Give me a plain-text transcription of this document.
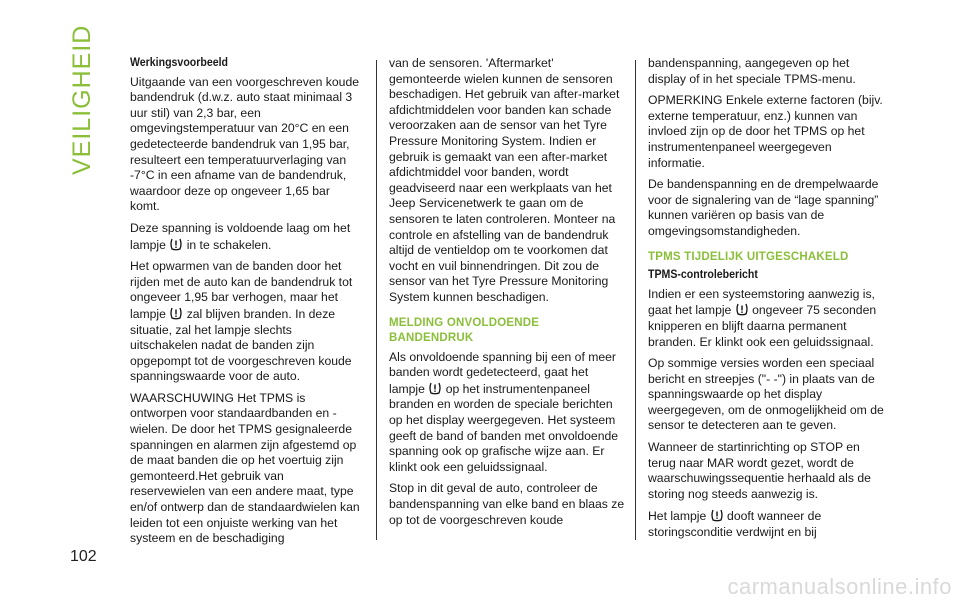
VEILIGHEID
102
Werkingsvoorbeeld

Uitgaande van een voorgeschreven koude bandendruk (d.w.z. auto staat minimaal 3 uur stil) van 2,3 bar, een omgevingstemperatuur van 20°C en een gedetecteerde bandendruk van 1,95 bar, resulteert een temperatuurverlaging van -7°C in een afname van de bandendruk, waardoor deze op ongeveer 1,65 bar komt.

Deze spanning is voldoende laag om het lampje in te schakelen.

Het opwarmen van de banden door het rijden met de auto kan de bandendruk tot ongeveer 1,95 bar verhogen, maar het lampje zal blijven branden. In deze situatie, zal het lampje slechts uitschakelen nadat de banden zijn opgepompt tot de voorgeschreven koude spanningswaarde voor de auto.

WAARSCHUWING Het TPMS is ontworpen voor standaardbanden en -wielen. De door het TPMS gesignaleerde spanningen en alarmen zijn afgestemd op de maat banden die op het voertuig zijn gemonteerd.Het gebruik van reservewielen van een andere maat, type en/of ontwerp dan de standaardwielen kan leiden tot een onjuiste werking van het systeem en de beschadiging

van de sensoren. 'Aftermarket' gemonteerde wielen kunnen de sensoren beschadigen. Het gebruik van after-market afdichtmiddelen voor banden kan schade veroorzaken aan de sensor van het Tyre Pressure Monitoring System. Indien er gebruik is gemaakt van een after-market afdichtmiddel voor banden, wordt geadviseerd naar een werkplaats van het Jeep Servicenetwerk te gaan om de sensoren te laten controleren. Monteer na controle en afstelling van de bandendruk altijd de ventieldop om te voorkomen dat vocht en vuil binnendringen. Dit zou de sensor van het Tyre Pressure Monitoring System kunnen beschadigen.

MELDING ONVOLDOENDE BANDENDRUK

Als onvoldoende spanning bij een of meer banden wordt gedetecteerd, gaat het lampje op het instrumentenpaneel branden en worden de speciale berichten op het display weergegeven. Het systeem geeft de band of banden met onvoldoende spanning ook op grafische wijze aan. Er klinkt ook een geluidssignaal.

Stop in dit geval de auto, controleer de bandenspanning van elke band en blaas ze op tot de voorgeschreven koude

bandenspanning, aangegeven op het display of in het speciale TPMS-menu.

OPMERKING Enkele externe factoren (bijv. externe temperatuur, enz.) kunnen van invloed zijn op de door het TPMS op het instrumentenpaneel weergegeven informatie.

De bandenspanning en de drempelwaarde voor de signalering van de “lage spanning” kunnen variëren op basis van de omgevingsomstandigheden.

TPMS TIJDELIJK UITGESCHAKELD
TPMS-controlebericht

Indien er een systeemstoring aanwezig is, gaat het lampje ongeveer 75 seconden knipperen en blijft daarna permanent branden. Er klinkt ook een geluidssignaal.

Op sommige versies worden een speciaal bericht en streepjes ("- -") in plaats van de spanningswaarde op het display weergegeven, om de onmogelijkheid om de sensor te detecteren aan te geven.

Wanneer de startinrichting op STOP en terug naar MAR wordt gezet, wordt de waarschuwingssequentie herhaald als de storing nog steeds aanwezig is.

Het lampje dooft wanneer de storingsconditie verdwijnt en bij

carmanualsonline.info
